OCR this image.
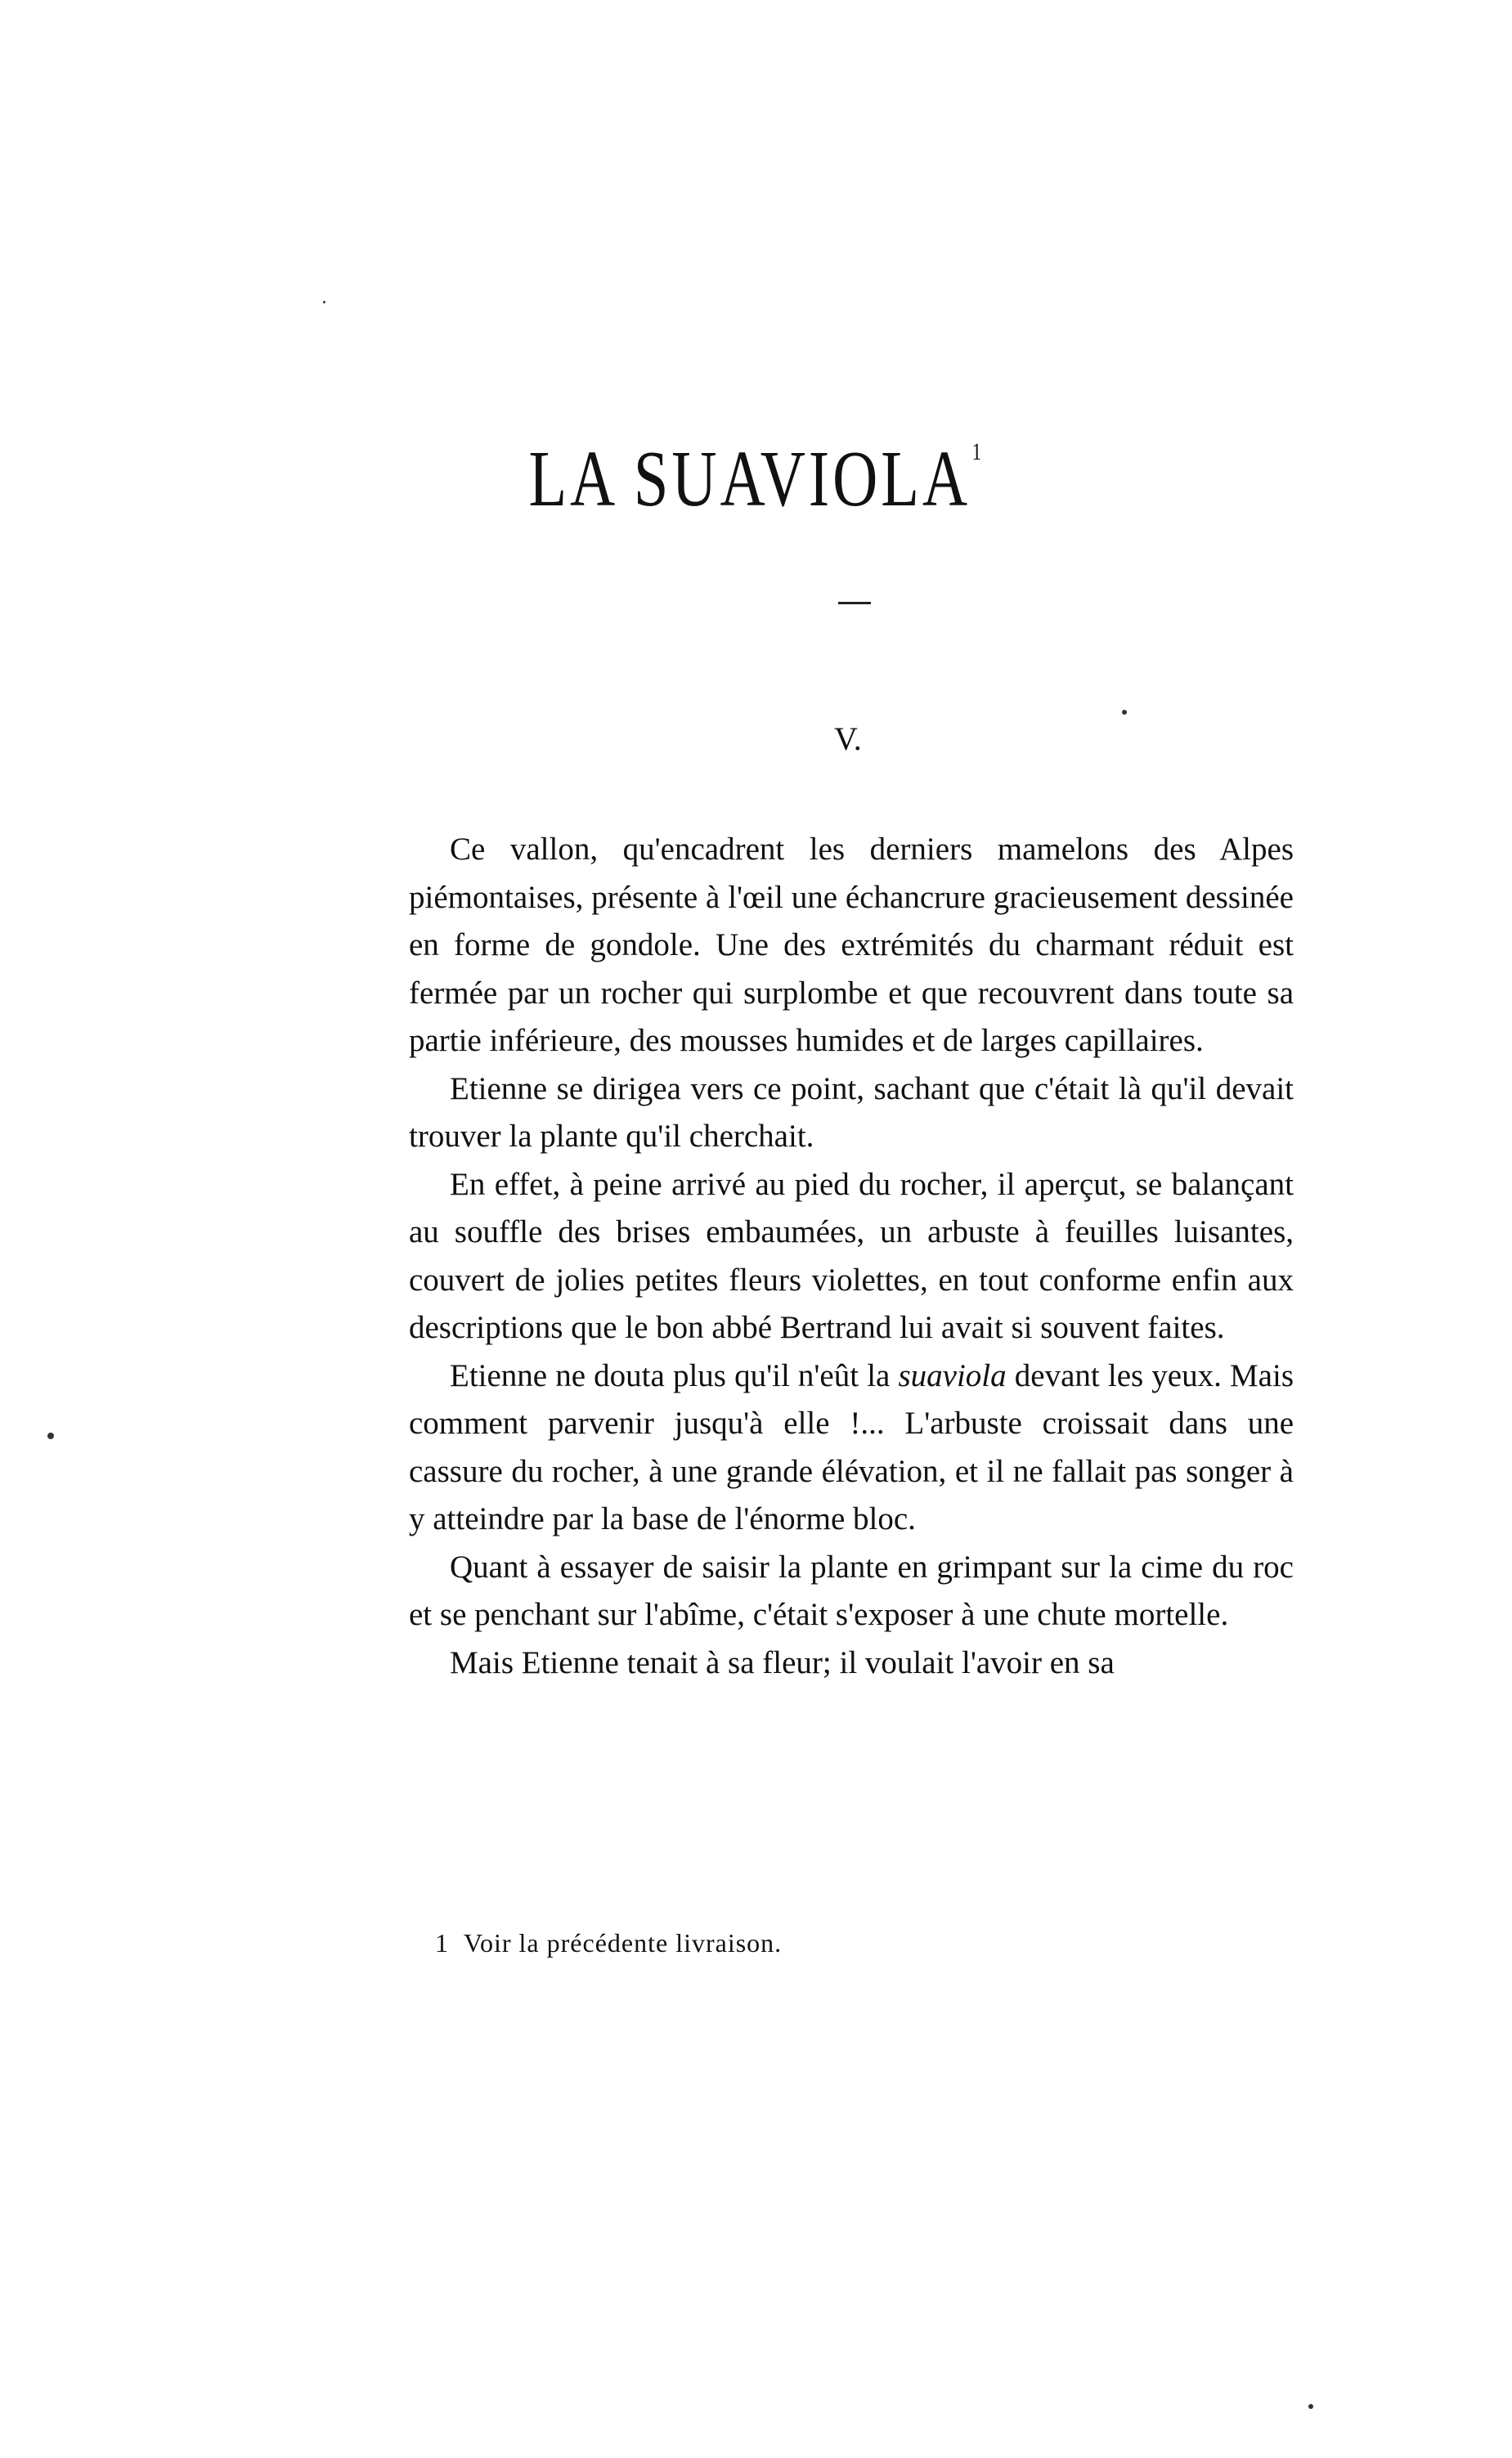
LA SUAVIOLA$^1$
V.

Ce vallon, qu'encadrent les derniers mamelons des Alpes piémontaises, présente à l'œil une échancrure gracieusement dessinée en forme de gondole. Une des extrémités du charmant réduit est fermée par un rocher qui surplombe et que recouvrent dans toute sa partie inférieure, des mousses humides et de larges capillaires.

Etienne se dirigea vers ce point, sachant que c'était là qu'il devait trouver la plante qu'il cherchait.

En effet, à peine arrivé au pied du rocher, il aperçut, se balançant au souffle des brises embaumées, un arbuste à feuilles luisantes, couvert de jolies petites fleurs violettes, en tout conforme enfin aux descriptions que le bon abbé Bertrand lui avait si souvent faites.

Etienne ne douta plus qu'il n'eût la suaviola devant les yeux. Mais comment parvenir jusqu'à elle !... L'arbuste croissait dans une cassure du rocher, à une grande élévation, et il ne fallait pas songer à y atteindre par la base de l'énorme bloc.

Quant à essayer de saisir la plante en grimpant sur la cime du roc et se penchant sur l'abîme, c'était s'exposer à une chute mortelle.

Mais Etienne tenait à sa fleur; il voulait l'avoir en sa

1 Voir la précédente livraison.
